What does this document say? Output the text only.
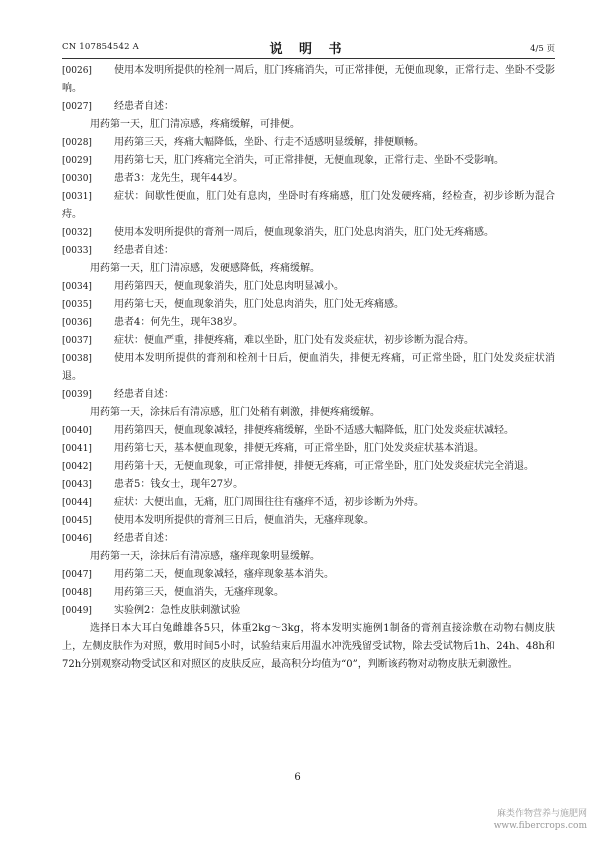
CN 107854542 A	说 明 书	4/5 页
[0026]	使用本发明所提供的栓剂一周后，肛门疼痛消失，可正常排便，无便血现象，正常行走、坐卧不受影响。
[0027]	经患者自述：
用药第一天，肛门清凉感，疼痛缓解，可排便。
[0028]	用药第三天，疼痛大幅降低，坐卧、行走不适感明显缓解，排便顺畅。
[0029]	用药第七天，肛门疼痛完全消失，可正常排便，无便血现象，正常行走、坐卧不受影响。
[0030]	患者3：龙先生，现年44岁。
[0031]	症状：间歇性便血，肛门处有息肉，坐卧时有疼痛感，肛门处发硬疼痛，经检查，初步诊断为混合痔。
[0032]	使用本发明所提供的膏剂一周后，便血现象消失，肛门处息肉消失，肛门处无疼痛感。
[0033]	经患者自述：
用药第一天，肛门清凉感，发硬感降低，疼痛缓解。
[0034]	用药第四天，便血现象消失，肛门处息肉明显减小。
[0035]	用药第七天，便血现象消失，肛门处息肉消失，肛门处无疼痛感。
[0036]	患者4：何先生，现年38岁。
[0037]	症状：便血严重，排便疼痛，难以坐卧，肛门处有发炎症状，初步诊断为混合痔。
[0038]	使用本发明所提供的膏剂和栓剂十日后，便血消失，排便无疼痛，可正常坐卧，肛门处发炎症状消退。
[0039]	经患者自述：
用药第一天，涂抹后有清凉感，肛门处稍有刺激，排便疼痛缓解。
[0040]	用药第四天，便血现象减轻，排便疼痛缓解，坐卧不适感大幅降低，肛门处发炎症状减轻。
[0041]	用药第七天，基本便血现象，排便无疼痛，可正常坐卧，肛门处发炎症状基本消退。
[0042]	用药第十天，无便血现象，可正常排便，排便无疼痛，可正常坐卧，肛门处发炎症状完全消退。
[0043]	患者5：钱女士，现年27岁。
[0044]	症状：大便出血，无痛，肛门周围往往有瘙痒不适，初步诊断为外痔。
[0045]	使用本发明所提供的膏剂三日后，便血消失，无瘙痒现象。
[0046]	经患者自述：
用药第一天，涂抹后有清凉感，瘙痒现象明显缓解。
[0047]	用药第二天，便血现象减轻，瘙痒现象基本消失。
[0048]	用药第三天，便血消失，无瘙痒现象。
[0049]	实验例2：急性皮肤刺激试验
选择日本大耳白兔雌雄各5只，体重2kg～3kg，将本发明实施例1制备的膏剂直接涂敷在动物右侧皮肤上，左侧皮肤作为对照，敷用时间5小时，试验结束后用温水冲洗残留受试物，除去受试物后1h、24h、48h和72h分别观察动物受试区和对照区的皮肤反应，最高积分均值为“0”，判断该药物对动物皮肤无刺激性。
6
麻类作物营养与施肥网
www.fibercrops.com
